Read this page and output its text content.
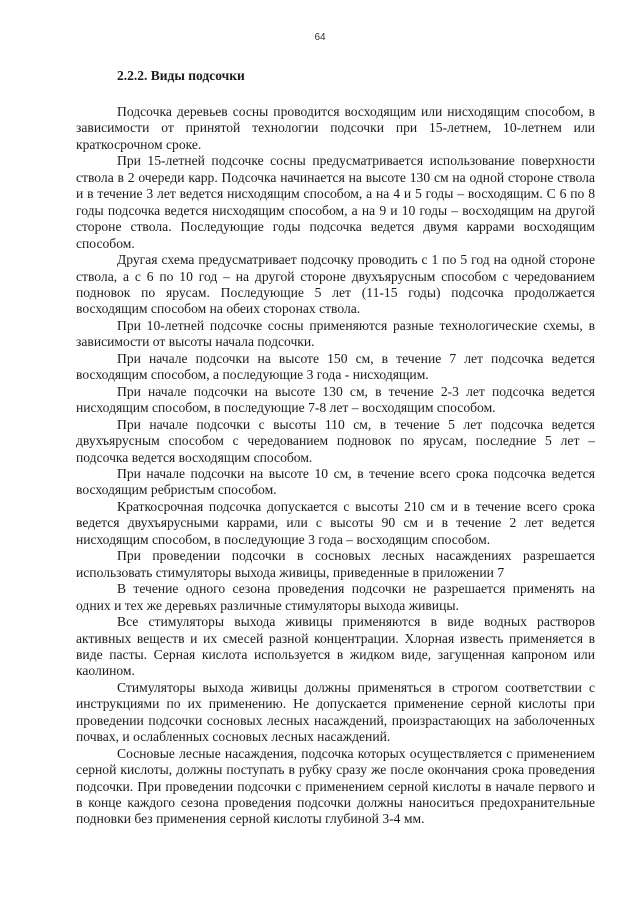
64
2.2.2. Виды подсочки

Подсочка деревьев сосны проводится восходящим или нисходящим способом, в зависимости от принятой технологии подсочки при 15-летнем, 10-летнем или краткосрочном сроке.

При 15-летней подсочке сосны предусматривается использование поверхности ствола в 2 очереди карр. Подсочка начинается на высоте 130 см на одной стороне ствола и в течение 3 лет ведется нисходящим способом, а на 4 и 5 годы – восходящим. С 6 по 8 годы подсочка ведется нисходящим способом, а на 9 и 10 годы – восходящим на другой стороне ствола. Последующие годы подсочка ведется двумя каррами восходящим способом.

Другая схема предусматривает подсочку проводить с 1 по 5 год на одной стороне ствола, а с 6 по 10 год – на другой стороне двухъярусным способом с чередованием подновок по ярусам. Последующие 5 лет (11-15 годы) подсочка продолжается восходящим способом на обеих сторонах ствола.

При 10-летней подсочке сосны применяются разные технологические схемы, в зависимости от высоты начала подсочки.

При начале подсочки на высоте 150 см, в течение 7 лет подсочка ведется восходящим способом, а последующие 3 года - нисходящим.

При начале подсочки на высоте 130 см, в течение 2-3 лет подсочка ведется нисходящим способом, в последующие 7-8 лет – восходящим способом.

При начале подсочки с высоты 110 см, в течение 5 лет подсочка ведется двухъярусным способом с чередованием подновок по ярусам, последние 5 лет – подсочка ведется восходящим способом.

При начале подсочки на высоте 10 см, в течение всего срока подсочка ведется восходящим ребристым способом.

Краткосрочная подсочка допускается с высоты 210 см и в течение всего срока ведется двухъярусными каррами, или с высоты 90 см и в течение 2 лет ведется нисходящим способом, в последующие 3 года – восходящим способом.

При проведении подсочки в сосновых лесных насаждениях разрешается использовать стимуляторы выхода живицы, приведенные в приложении 7

В течение одного сезона проведения подсочки не разрешается применять на одних и тех же деревьях различные стимуляторы выхода живицы.

Все стимуляторы выхода живицы применяются в виде водных растворов активных веществ и их смесей разной концентрации. Хлорная известь применяется в виде пасты. Серная кислота используется в жидком виде, загущенная капроном или каолином.

Стимуляторы выхода живицы должны применяться в строгом соответствии с инструкциями по их применению. Не допускается применение серной кислоты при проведении подсочки сосновых лесных насаждений, произрастающих на заболоченных почвах, и ослабленных сосновых лесных насаждений.

Сосновые лесные насаждения, подсочка которых осуществляется с применением серной кислоты, должны поступать в рубку сразу же после окончания срока проведения подсочки. При проведении подсочки с применением серной кислоты в начале первого и в конце каждого сезона проведения подсочки должны наноситься предохранительные подновки без применения серной кислоты глубиной 3-4 мм.
